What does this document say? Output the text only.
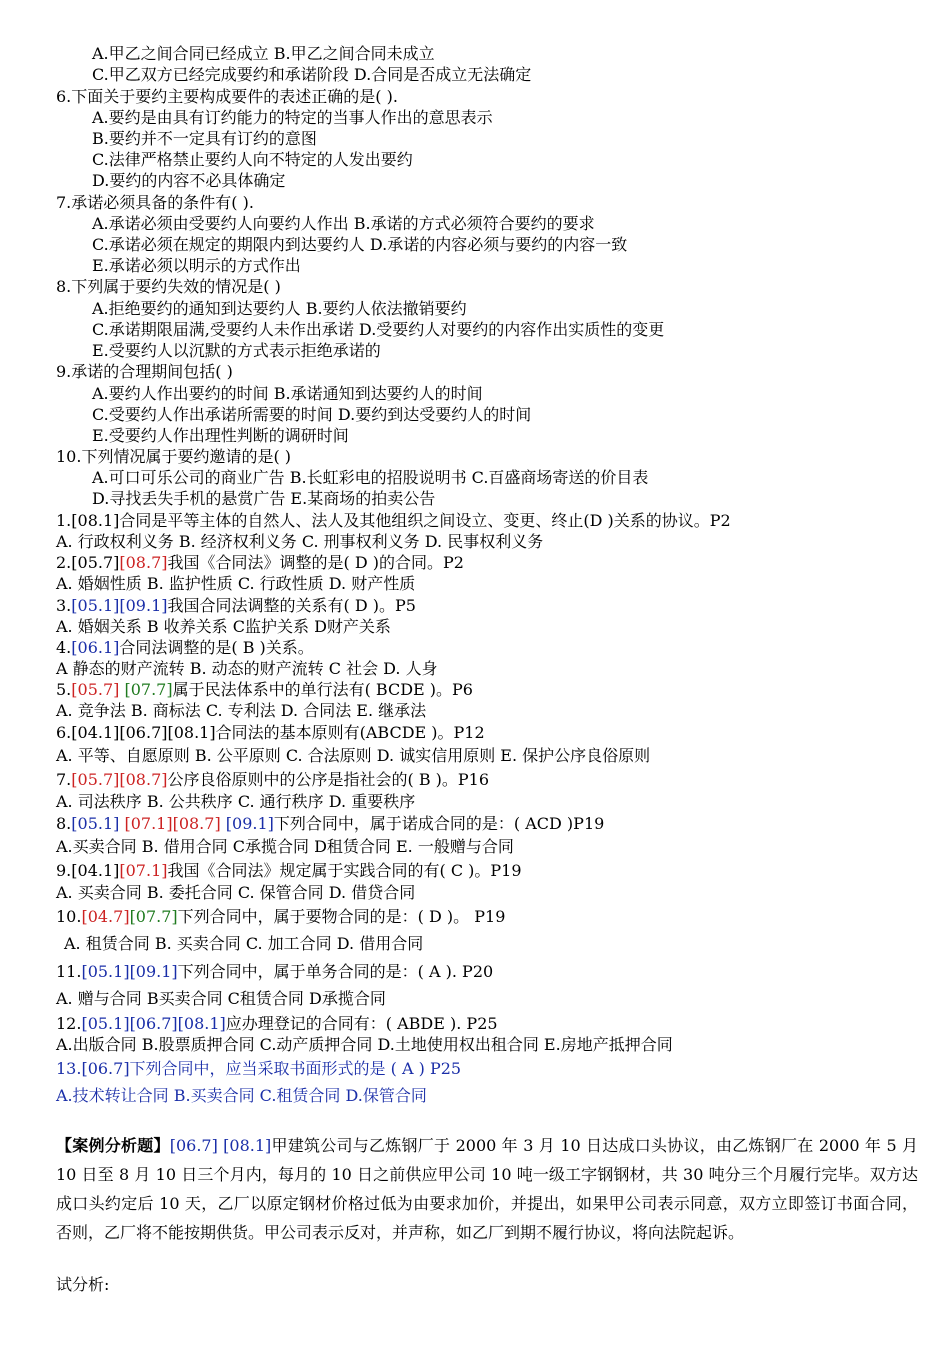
A.甲乙之间合同已经成立 B.甲乙之间合同未成立
C.甲乙双方已经完成要约和承诺阶段 D.合同是否成立无法确定
6.下面关于要约主要构成要件的表述正确的是( ).
A.要约是由具有订约能力的特定的当事人作出的意思表示
B.要约并不一定具有订约的意图
C.法律严格禁止要约人向不特定的人发出要约
D.要约的内容不必具体确定
7.承诺必须具备的条件有( ).
A.承诺必须由受要约人向要约人作出 B.承诺的方式必须符合要约的要求
C.承诺必须在规定的期限内到达要约人 D.承诺的内容必须与要约的内容一致
E.承诺必须以明示的方式作出
8.下列属于要约失效的情况是( )
A.拒绝要约的通知到达要约人 B.要约人依法撤销要约
C.承诺期限届满,受要约人未作出承诺 D.受要约人对要约的内容作出实质性的变更
E.受要约人以沉默的方式表示拒绝承诺的
9.承诺的合理期间包括( )
A.要约人作出要约的时间 B.承诺通知到达要约人的时间
C.受要约人作出承诺所需要的时间 D.要约到达受要约人的时间
E.受要约人作出理性判断的调研时间
10.下列情况属于要约邀请的是( )
A.可口可乐公司的商业广告 B.长虹彩电的招股说明书 C.百盛商场寄送的价目表
D.寻找丢失手机的悬赏广告 E.某商场的拍卖公告
1.[08.1]合同是平等主体的自然人、法人及其他组织之间设立、变更、终止(D )关系的协议。P2
A. 行政权利义务 B. 经济权利义务 C. 刑事权利义务 D. 民事权利义务
2.[05.7][08.7]我国《合同法》调整的是( D )的合同。P2
A. 婚姻性质 B. 监护性质 C. 行政性质 D. 财产性质
3.[05.1][09.1]我国合同法调整的关系有( D )。P5
A. 婚姻关系 B 收养关系 C监护关系 D财产关系
4.[06.1]合同法调整的是( B )关系。
A 静态的财产流转 B. 动态的财产流转 C 社会 D. 人身
5.[05.7] [07.7]属于民法体系中的单行法有( BCDE )。P6
A. 竞争法 B. 商标法 C. 专利法 D. 合同法 E. 继承法
6.[04.1][06.7][08.1]合同法的基本原则有(ABCDE )。P12
A. 平等、自愿原则 B. 公平原则 C. 合法原则 D. 诚实信用原则 E. 保护公序良俗原则
7.[05.7][08.7]公序良俗原则中的公序是指社会的( B )。P16
A. 司法秩序 B. 公共秩序 C. 通行秩序 D. 重要秩序
8.[05.1] [07.1][08.7] [09.1]下列合同中，属于诺成合同的是：( ACD )P19
A.买卖合同 B. 借用合同 C承揽合同 D租赁合同 E. 一般赠与合同
9.[04.1][07.1]我国《合同法》规定属于实践合同的有( C )。P19
A. 买卖合同 B. 委托合同 C. 保管合同 D. 借贷合同
10.[04.7][07.7]下列合同中，属于要物合同的是：( D )。 P19
A. 租赁合同 B. 买卖合同 C. 加工合同 D. 借用合同
11.[05.1][09.1]下列合同中，属于单务合同的是：( A ). P20
A. 赠与合同 B买卖合同 C租赁合同 D承揽合同
12.[05.1][06.7][08.1]应办理登记的合同有：( ABDE ). P25
A.出版合同 B.股票质押合同 C.动产质押合同 D.土地使用权出租合同 E.房地产抵押合同
13.[06.7]下列合同中，应当采取书面形式的是 ( A ) P25
A.技术转让合同 B.买卖合同 C.租赁合同 D.保管合同
【案例分析题】[06.7] [08.1]甲建筑公司与乙炼钢厂于 2000 年 3 月 10 日达成口头协议，由乙炼钢厂在 2000 年 5 月 10 日至 8 月 10 日三个月内，每月的 10 日之前供应甲公司 10 吨一级工字钢钢材，共 30 吨分三个月履行完毕。双方达成口头约定后 10 天，乙厂以原定钢材价格过低为由要求加价，并提出，如果甲公司表示同意，双方立即签订书面合同，否则，乙厂将不能按期供货。甲公司表示反对，并声称，如乙厂到期不履行协议，将向法院起诉。
试分析:
